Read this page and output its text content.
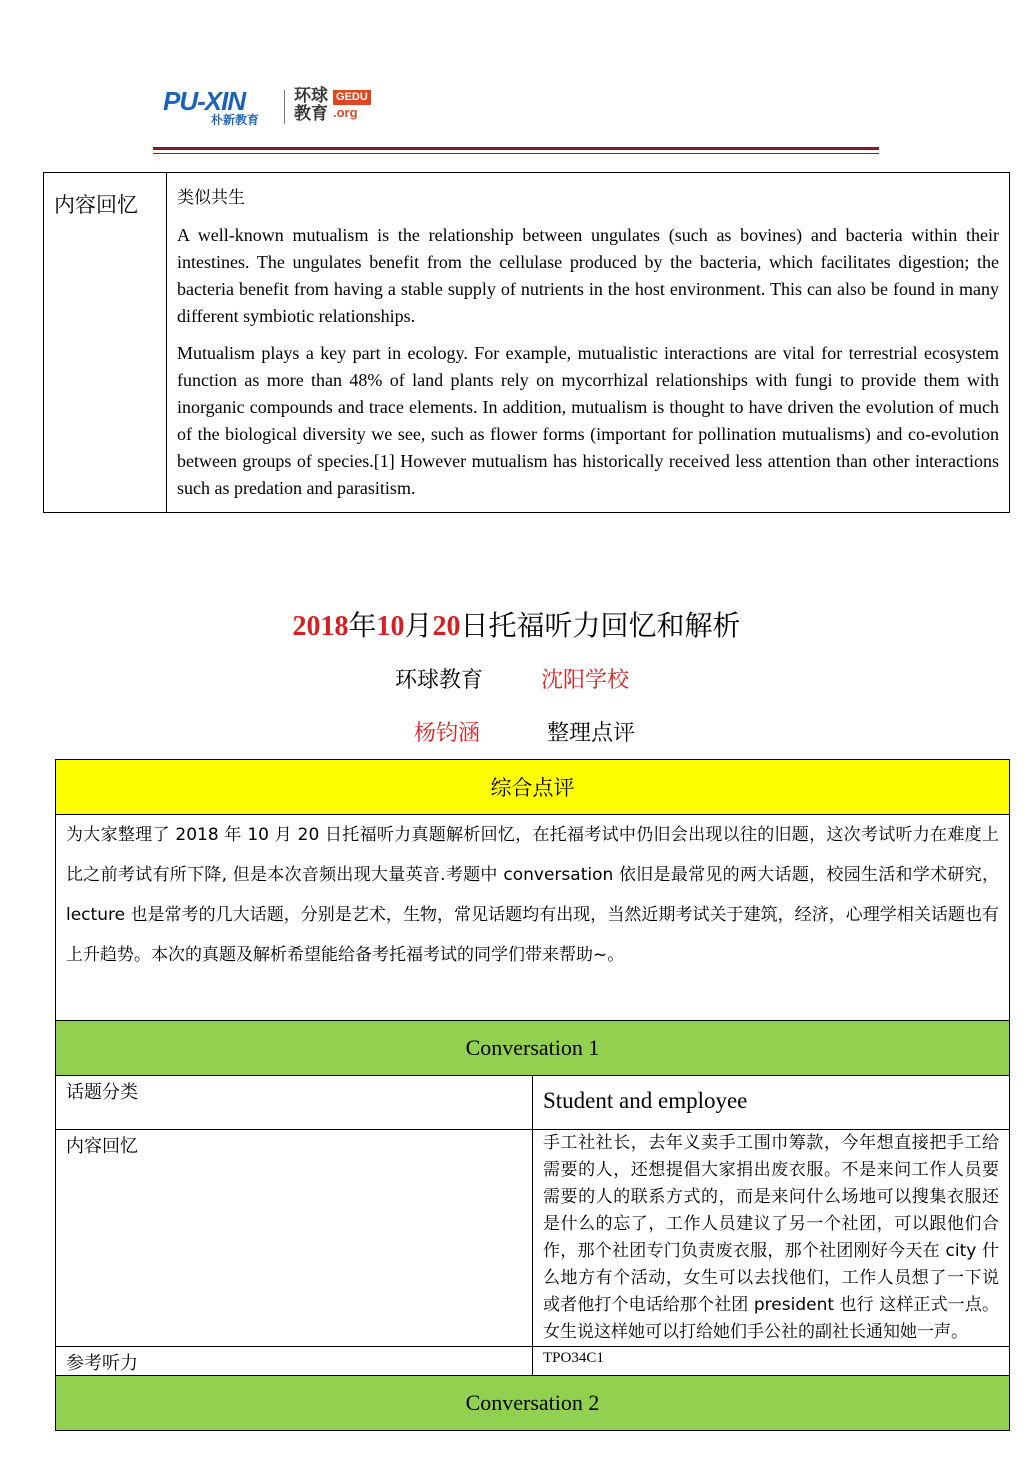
PU-XIN
朴新教育
环球
教育
GEDU
.org
内容回忆	类似共生

A well-known mutualism is the relationship between ungulates (such as bovines) and bacteria within their intestines. The ungulates benefit from the cellulase produced by the bacteria, which facilitates digestion; the bacteria benefit from having a stable supply of nutrients in the host environment. This can also be found in many different symbiotic relationships.

Mutualism plays a key part in ecology. For example, mutualistic interactions are vital for terrestrial ecosystem function as more than 48% of land plants rely on mycorrhizal relationships with fungi to provide them with inorganic compounds and trace elements. In addition, mutualism is thought to have driven the evolution of much of the biological diversity we see, such as flower forms (important for pollination mutualisms) and co-evolution between groups of species.[1] However mutualism has historically received less attention than other interactions such as predation and parasitism.

2018年10月20日托福听力回忆和解析
环球教育	沈阳学校
杨钧涵	整理点评
综合点评	
为大家整理了 2018 年 10 月 20 日托福听力真题解析回忆，在托福考试中仍旧会出现以往的旧题，这次考试听力在难度上比之前考试有所下降, 但是本次音频出现大量英音.考题中 conversation 依旧是最常见的两大话题，校园生活和学术研究，lecture 也是常考的几大话题，分别是艺术，生物，常见话题均有出现，当然近期考试关于建筑，经济，心理学相关话题也有上升趋势。本次的真题及解析希望能给备考托福考试的同学们带来帮助~。	
Conversation 1	
话题分类	Student and employee
内容回忆	手工社社长，去年义卖手工围巾筹款，今年想直接把手工给需要的人，还想提倡大家捐出废衣服。不是来问工作人员要需要的人的联系方式的，而是来问什么场地可以搜集衣服还是什么的忘了，工作人员建议了另一个社团，可以跟他们合作，那个社团专门负责废衣服，那个社团刚好今天在 city 什么地方有个活动，女生可以去找他们，工作人员想了一下说或者他打个电话给那个社团 president 也行 这样正式一点。女生说这样她可以打给她们手公社的副社长通知她一声。
参考听力	TPO34C1
Conversation 2	
